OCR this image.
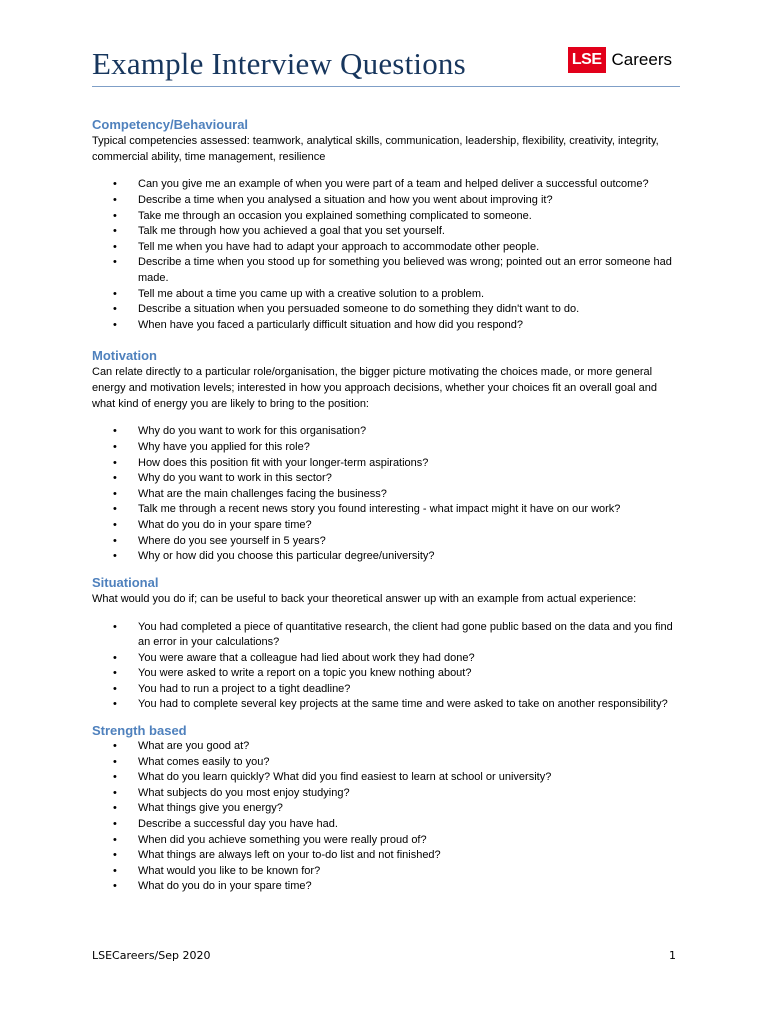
Example Interview Questions	LSE Careers
Competency/Behavioural

Typical competencies assessed: teamwork, analytical skills, communication, leadership, flexibility, creativity, integrity, commercial ability, time management, resilience

• Can you give me an example of when you were part of a team and helped deliver a successful outcome?
• Describe a time when you analysed a situation and how you went about improving it?
• Take me through an occasion you explained something complicated to someone.
• Talk me through how you achieved a goal that you set yourself.
• Tell me when you have had to adapt your approach to accommodate other people.
• Describe a time when you stood up for something you believed was wrong; pointed out an error someone had made.
• Tell me about a time you came up with a creative solution to a problem.
• Describe a situation when you persuaded someone to do something they didn't want to do.
• When have you faced a particularly difficult situation and how did you respond?
Motivation

Can relate directly to a particular role/organisation, the bigger picture motivating the choices made, or more general energy and motivation levels; interested in how you approach decisions, whether your choices fit an overall goal and what kind of energy you are likely to bring to the position:

• Why do you want to work for this organisation?
• Why have you applied for this role?
• How does this position fit with your longer-term aspirations?
• Why do you want to work in this sector?
• What are the main challenges facing the business?
• Talk me through a recent news story you found interesting - what impact might it have on our work?
• What do you do in your spare time?
• Where do you see yourself in 5 years?
• Why or how did you choose this particular degree/university?
Situational

What would you do if; can be useful to back your theoretical answer up with an example from actual experience:

• You had completed a piece of quantitative research, the client had gone public based on the data and you find an error in your calculations?
• You were aware that a colleague had lied about work they had done?
• You were asked to write a report on a topic you knew nothing about?
• You had to run a project to a tight deadline?
• You had to complete several key projects at the same time and were asked to take on another responsibility?
Strength based
• What are you good at?
• What comes easily to you?
• What do you learn quickly? What did you find easiest to learn at school or university?
• What subjects do you most enjoy studying?
• What things give you energy?
• Describe a successful day you have had.
• When did you achieve something you were really proud of?
• What things are always left on your to-do list and not finished?
• What would you like to be known for?
• What do you do in your spare time?
LSECareers/Sep 2020	1
